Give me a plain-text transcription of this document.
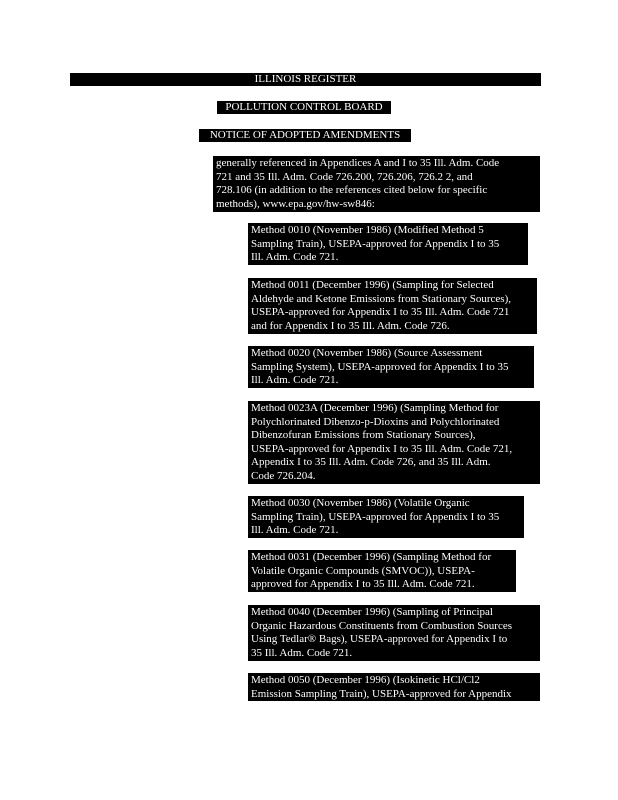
ILLINOIS REGISTER
POLLUTION CONTROL BOARD
NOTICE OF ADOPTED AMENDMENTS
generally referenced in Appendices A and I to 35 Ill. Adm. Code
721 and 35 Ill. Adm. Code 726.200, 726.206, 726.2 2, and
728.106 (in addition to the references cited below for specific
methods), www.epa.gov/hw-sw846:
Method 0010 (November 1986) (Modified Method 5
Sampling Train), USEPA-approved for Appendix I to 35
Ill. Adm. Code 721.
Method 0011 (December 1996) (Sampling for Selected
Aldehyde and Ketone Emissions from Stationary Sources),
USEPA-approved for Appendix I to 35 Ill. Adm. Code 721
and for Appendix I to 35 Ill. Adm. Code 726.
Method 0020 (November 1986) (Source Assessment
Sampling System), USEPA-approved for Appendix I to 35
Ill. Adm. Code 721.
Method 0023A (December 1996) (Sampling Method for
Polychlorinated Dibenzo-p-Dioxins and Polychlorinated
Dibenzofuran Emissions from Stationary Sources),
USEPA-approved for Appendix I to 35 Ill. Adm. Code 721,
Appendix I to 35 Ill. Adm. Code 726, and 35 Ill. Adm.
Code 726.204.
Method 0030 (November 1986) (Volatile Organic
Sampling Train), USEPA-approved for Appendix I to 35
Ill. Adm. Code 721.
Method 0031 (December 1996) (Sampling Method for
Volatile Organic Compounds (SMVOC)), USEPA-
approved for Appendix I to 35 Ill. Adm. Code 721.
Method 0040 (December 1996) (Sampling of Principal
Organic Hazardous Constituents from Combustion Sources
Using Tedlar® Bags), USEPA-approved for Appendix I to
35 Ill. Adm. Code 721.
Method 0050 (December 1996) (Isokinetic HCl/Cl2
Emission Sampling Train), USEPA-approved for Appendix
